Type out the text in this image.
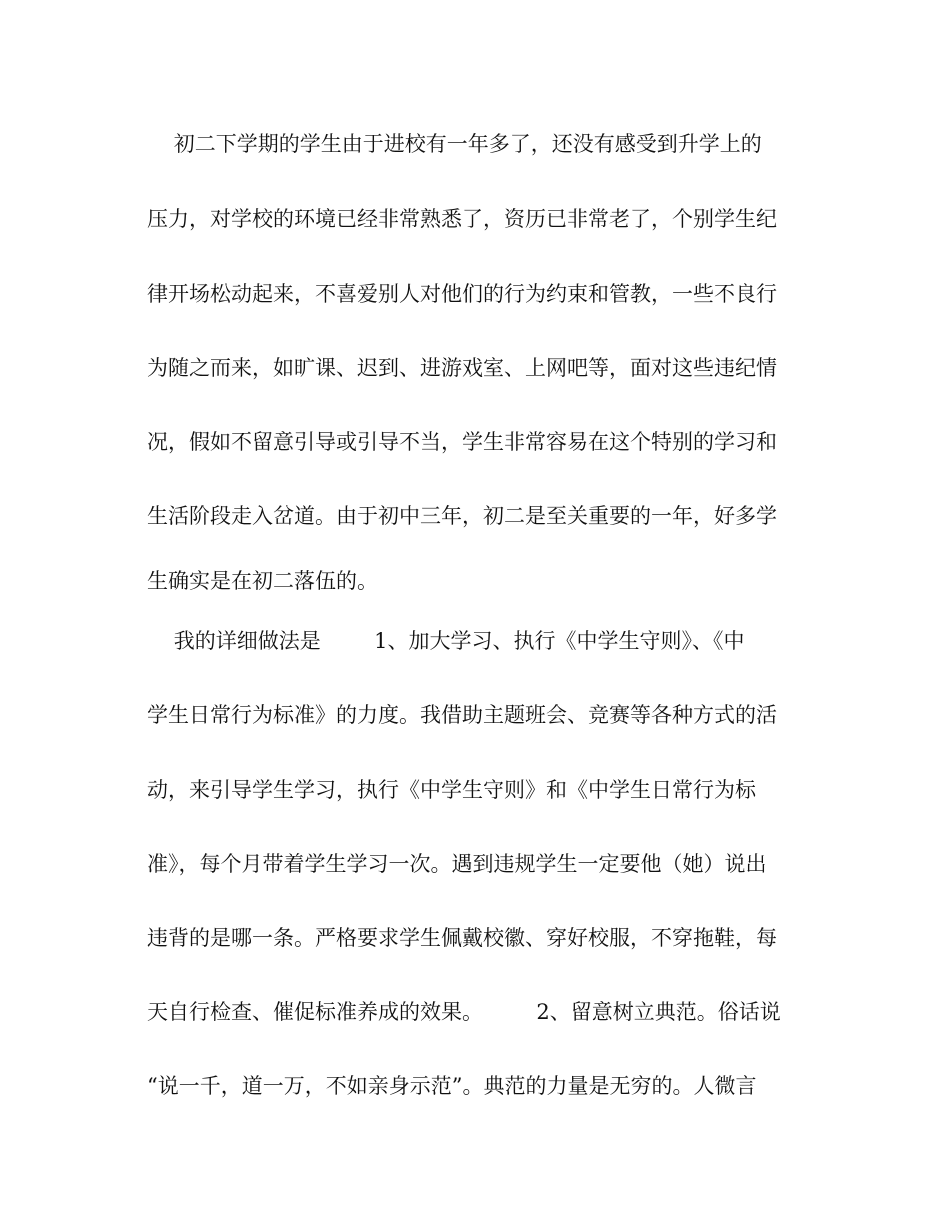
初二下学期的学生由于进校有一年多了，还没有感受到升学上的
压力，对学校的环境已经非常熟悉了，资历已非常老了，个别学生纪
律开场松动起来，不喜爱别人对他们的行为约束和管教，一些不良行
为随之而来，如旷课、迟到、进游戏室、上网吧等，面对这些违纪情
况，假如不留意引导或引导不当，学生非常容易在这个特别的学习和
生活阶段走入岔道。由于初中三年，初二是至关重要的一年，好多学
生确实是在初二落伍的。
我的详细做法是        1、加大学习、执行《中学生守则》、《中
学生日常行为标准》的力度。我借助主题班会、竞赛等各种方式的活
动，来引导学生学习，执行《中学生守则》和《中学生日常行为标
准》，每个月带着学生学习一次。遇到违规学生一定要他（她）说出
违背的是哪一条。严格要求学生佩戴校徽、穿好校服，不穿拖鞋，每
天自行检查、催促标准养成的效果。        2、留意树立典范。俗话说
“说一千，道一万，不如亲身示范”。典范的力量是无穷的。人微言
